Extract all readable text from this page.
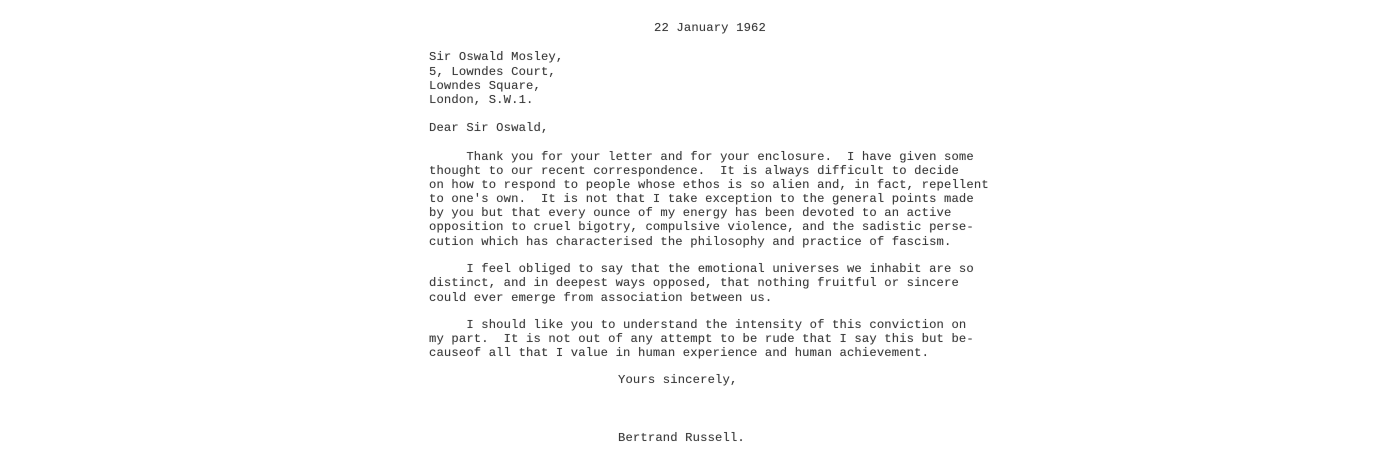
22 January 1962
Sir Oswald Mosley,
5, Lowndes Court,
Lowndes Square,
London, S.W.1.
Dear Sir Oswald,
Thank you for your letter and for your enclosure.  I have given some
thought to our recent correspondence.  It is always difficult to decide
on how to respond to people whose ethos is so alien and, in fact, repellent
to one's own.  It is not that I take exception to the general points made
by you but that every ounce of my energy has been devoted to an active
opposition to cruel bigotry, compulsive violence, and the sadistic perse-
cution which has characterised the philosophy and practice of fascism.
I feel obliged to say that the emotional universes we inhabit are so
distinct, and in deepest ways opposed, that nothing fruitful or sincere
could ever emerge from association between us.
I should like you to understand the intensity of this conviction on
my part.  It is not out of any attempt to be rude that I say this but be-
causeof all that I value in human experience and human achievement.
Yours sincerely,
Bertrand Russell.
